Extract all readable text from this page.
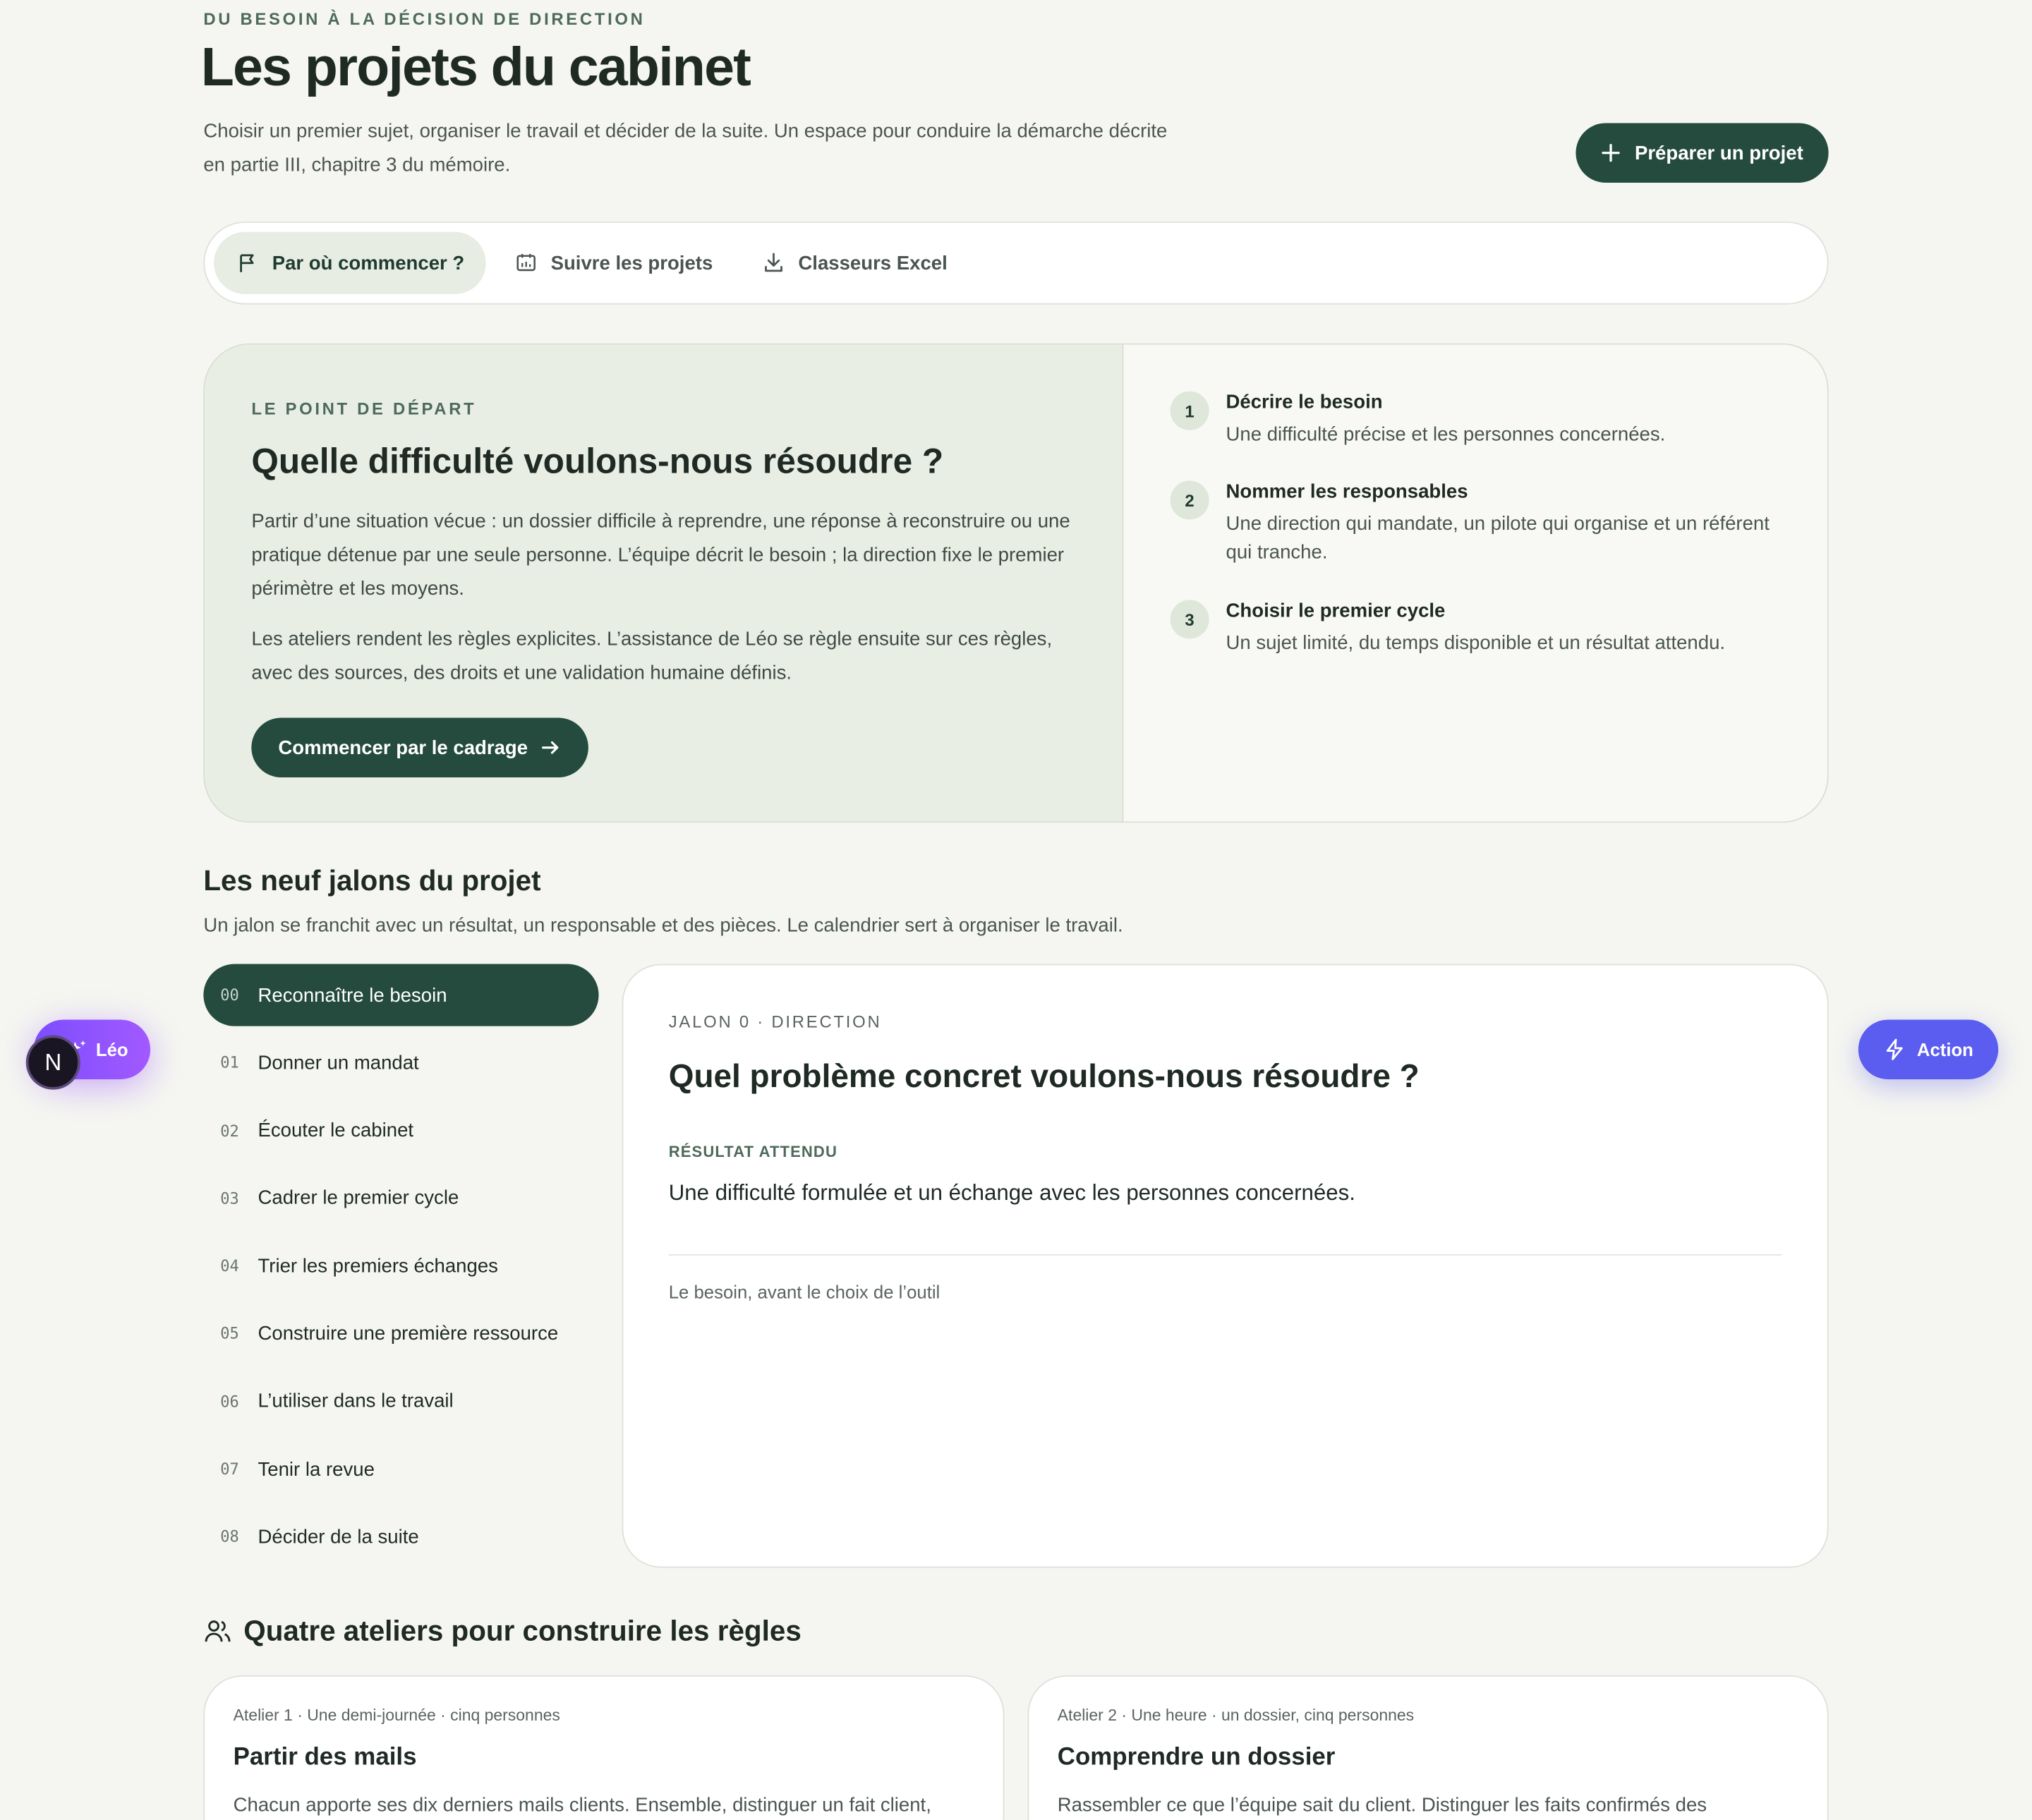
DU BESOIN À LA DÉCISION DE DIRECTION
Les projets du cabinet

Choisir un premier sujet, organiser le travail et décider de la suite. Un espace pour conduire la démarche décrite en partie III, chapitre 3 du mémoire.

Préparer un projet
Par où commencer ?	Suivre les projets	Classeurs Excel
LE POINT DE DÉPART
Quelle difficulté voulons-nous résoudre ?

Partir d’une situation vécue : un dossier difficile à reprendre, une réponse à reconstruire ou une pratique détenue par une seule personne. L’équipe décrit le besoin ; la direction fixe le premier périmètre et les moyens.

Les ateliers rendent les règles explicites. L’assistance de Léo se règle ensuite sur ces règles, avec des sources, des droits et une validation humaine définis.

Commencer par le cadrage
1	Décrire le besoin
Une difficulté précise et les personnes concernées.
2	Nommer les responsables
Une direction qui mandate, un pilote qui organise et un référent qui tranche.
3	Choisir le premier cycle
Un sujet limité, du temps disponible et un résultat attendu.
Les neuf jalons du projet

Un jalon se franchit avec un résultat, un responsable et des pièces. Le calendrier sert à organiser le travail.

00	Reconnaître le besoin
01	Donner un mandat
02	Écouter le cabinet
03	Cadrer le premier cycle
04	Trier les premiers échanges
05	Construire une première ressource
06	L’utiliser dans le travail
07	Tenir la revue
08	Décider de la suite
JALON 0 · DIRECTION
Quel problème concret voulons-nous résoudre ?
RÉSULTAT ATTENDU

Une difficulté formulée et un échange avec les personnes concernées.

Le besoin, avant le choix de l’outil

Quatre ateliers pour construire les règles
Atelier 1 · Une demi-journée · cinq personnes
Partir des mails
Chacun apporte ses dix derniers mails clients. Ensemble, distinguer un fait client,
Atelier 2 · Une heure · un dossier, cinq personnes
Comprendre un dossier
Rassembler ce que l’équipe sait du client. Distinguer les faits confirmés des
Léo
N	Action
